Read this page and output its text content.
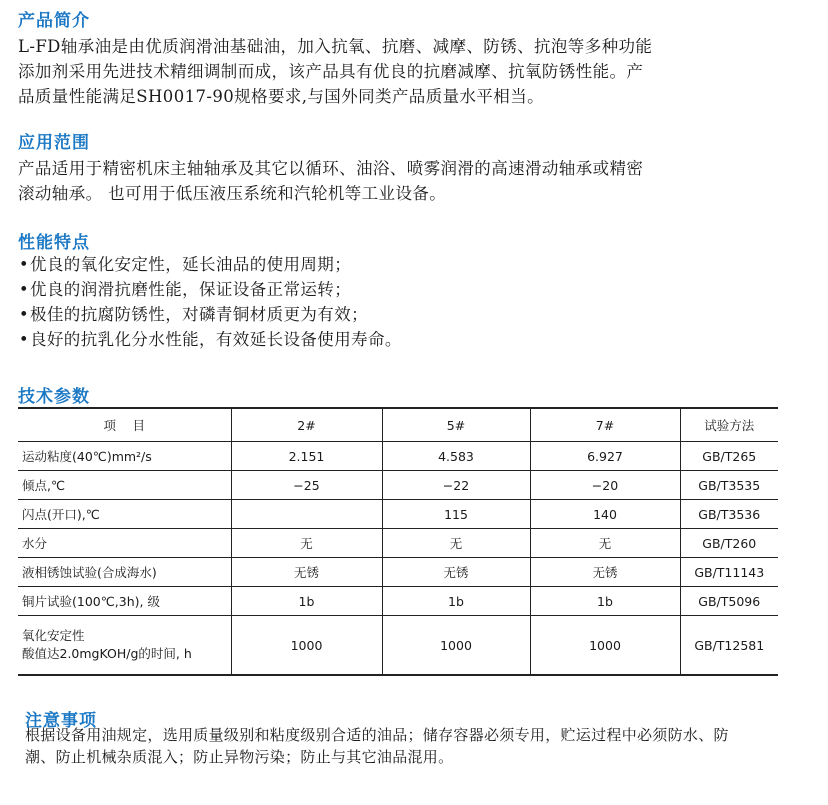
产品简介
L-FD轴承油是由优质润滑油基础油，加入抗氧、抗磨、减摩、防锈、抗泡等多种功能
添加剂采用先进技术精细调制而成，该产品具有优良的抗磨减摩、抗氧防锈性能。产
品质量性能满足SH0017-90规格要求,与国外同类产品质量水平相当。
应用范围
产品适用于精密机床主轴轴承及其它以循环、油浴、喷雾润滑的高速滑动轴承或精密
滚动轴承。 也可用于低压液压系统和汽轮机等工业设备。
性能特点
•优良的氧化安定性，延长油品的使用周期；
•优良的润滑抗磨性能，保证设备正常运转；
•极佳的抗腐防锈性，对磷青铜材质更为有效；
•良好的抗乳化分水性能，有效延长设备使用寿命。
技术参数
项　 目	2#	5#	7#	试验方法
运动粘度(40℃)mm²/s	2.151	4.583	6.927	GB/T265
倾点,℃	−25	−22	−20	GB/T3535
闪点(开口),℃		115	140	GB/T3536
水分	无	无	无	GB/T260
液相锈蚀试验(合成海水)	无锈	无锈	无锈	GB/T11143
铜片试验(100℃,3h), 级	1b	1b	1b	GB/T5096

氧化安定性
酸值达2.0mgKOH/g的时间, h	1000	1000	1000	GB/T12581
注意事项
根据设备用油规定，选用质量级别和粘度级别合适的油品；储存容器必须专用，贮运过程中必须防水、防
潮、防止机械杂质混入；防止异物污染；防止与其它油品混用。
